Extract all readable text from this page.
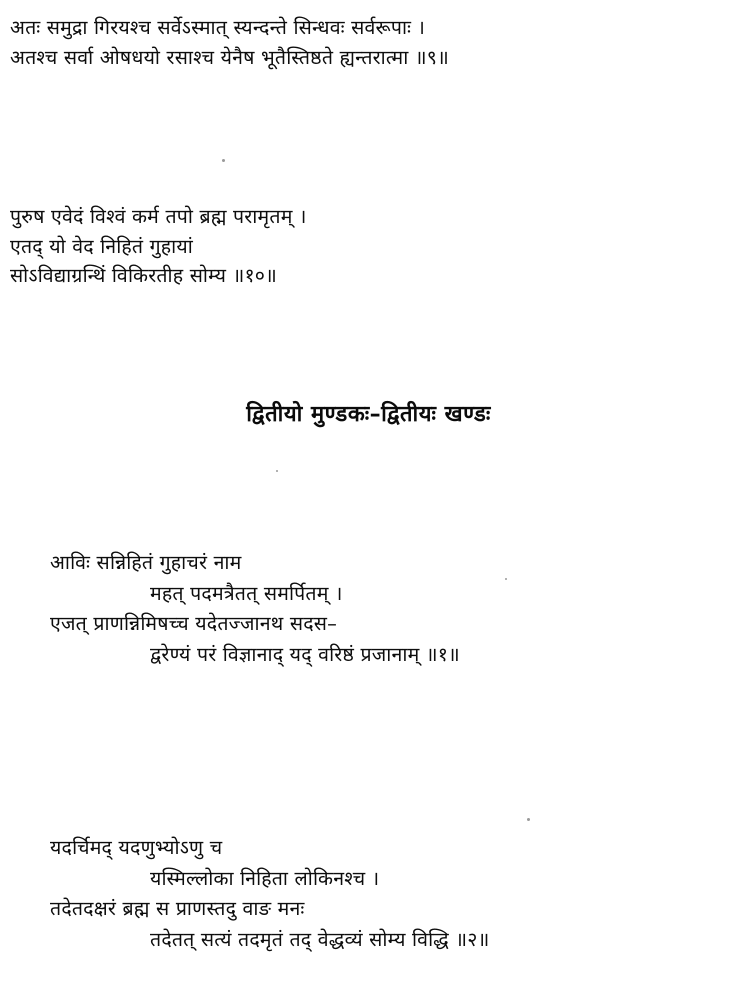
अतः समुद्रा गिरयश्च सर्वेऽस्मात् स्यन्दन्ते सिन्धवः सर्वरूपाः ।
अतश्च सर्वा ओषधयो रसाश्च येनैष भूतैस्तिष्ठते ह्यन्तरात्मा ॥९॥
पुरुष एवेदं विश्वं कर्म तपो ब्रह्म परामृतम् ।
एतद् यो वेद निहितं गुहायां
सोऽविद्याग्रन्थिं विकिरतीह सोम्य ॥१०॥
द्वितीयो मुण्डकः–द्वितीयः खण्डः
आविः सन्निहितं गुहाचरं नाम
महत् पदमत्रैतत् समर्पितम् ।
एजत् प्राणन्निमिषच्च यदेतज्जानथ सदस–
द्वरेण्यं परं विज्ञानाद् यद् वरिष्ठं प्रजानाम् ॥१॥
यदर्चिमद् यदणुभ्योऽणु च
यस्मिल्लोका निहिता लोकिनश्च ।
तदेतदक्षरं ब्रह्म स प्राणस्तदु वाङ मनः
तदेतत् सत्यं तदमृतं तद् वेद्धव्यं सोम्य विद्धि ॥२॥
